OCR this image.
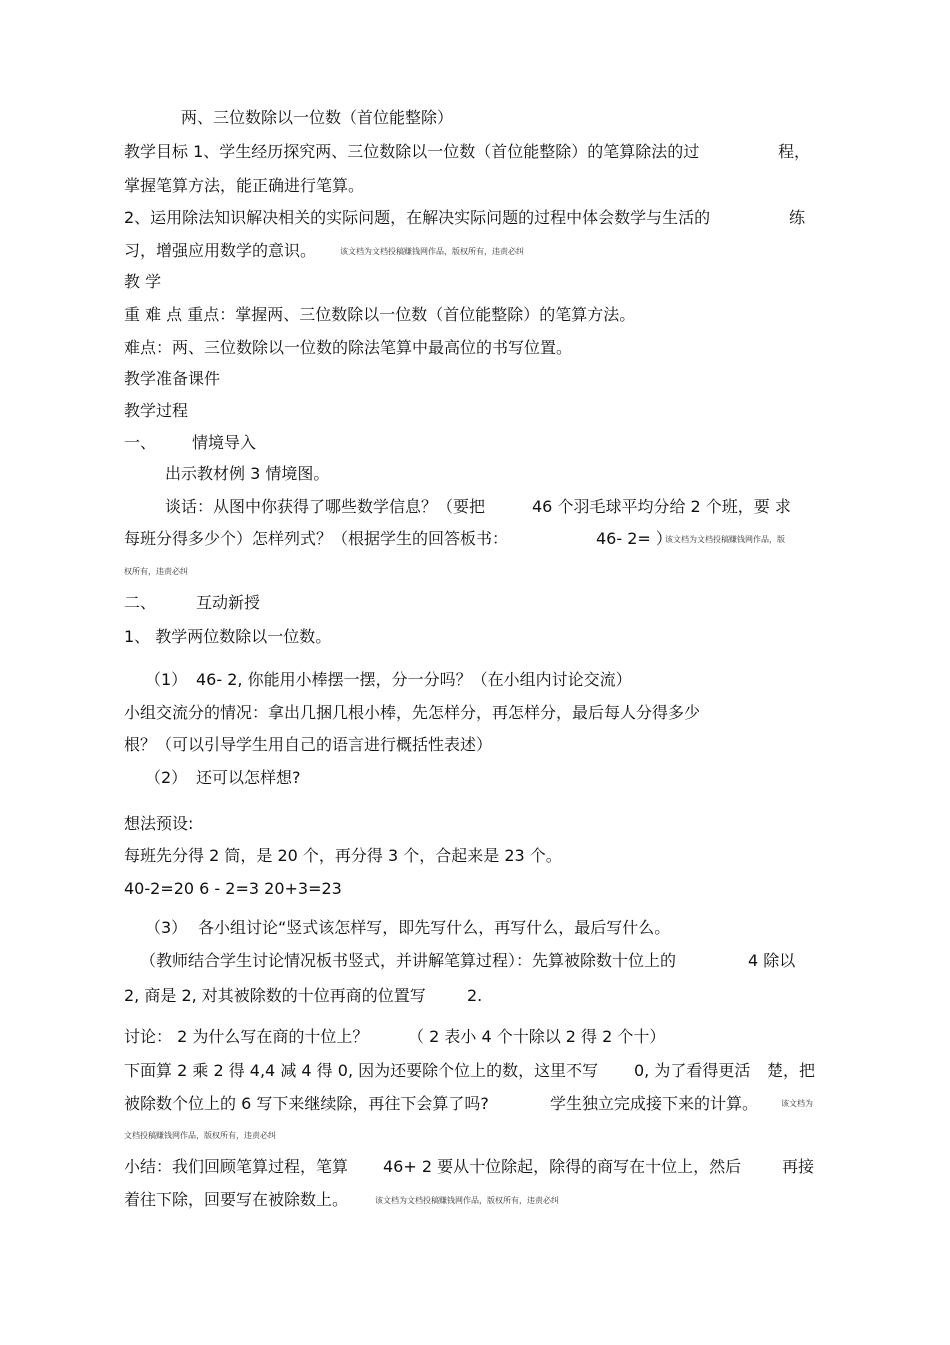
两、三位数除以一位数（首位能整除）
教学目标 1、学生经历探究两、三位数除以一位数（首位能整除）的笔算除法的过	程，
掌握笔算方法，能正确进行笔算。
2、运用除法知识解决相关的实际问题，在解决实际问题的过程中体会数学与生活的	练
习，增强应用数学的意识。	该文档为文档投稿赚钱网作品，版权所有，违责必纠
教 学
重 难 点 重点：掌握两、三位数除以一位数（首位能整除）的笔算方法。
难点：两、三位数除以一位数的除法笔算中最高位的书写位置。
教学准备课件
教学过程
一、 情境导入
出示教材例 3 情境图。
谈话：从图中你获得了哪些数学信息？（要把	46 个羽毛球平均分给 2 个班，要 求
每班分得多少个）怎样列式？（根据学生的回答板书：	46- 2= ）
该文档为文档投稿赚钱网作品，版
权所有，违责必纠
二、 互动新授
1、 教学两位数除以一位数。
（1） 46- 2, 你能用小棒摆一摆，分一分吗？（在小组内讨论交流）
小组交流分的情况：拿出几捆几根小棒，先怎样分，再怎样分，最后每人分得多少
根？（可以引导学生用自己的语言进行概括性表述）
（2） 还可以怎样想?
想法预设:
每班先分得 2 筒，是 20 个，再分得 3 个，合起来是 23 个。
40-2=20 6 - 2=3 20+3=23
（3） 各小组讨论“竖式该怎样写，即先写什么，再写什么，最后写什么。
（教师结合学生讨论情况板书竖式，并讲解笔算过程）：先算被除数十位上的	4 除以
2, 商是 2, 对其被除数的十位再商的位置写	2.
讨论： 2 为什么写在商的十位上？ （ 2 表小 4 个十除以 2 得 2 个十）
下面算 2 乘 2 得 4,4 减 4 得 0, 因为还要除个位上的数，这里不写 0, 为了看得更活 楚，把
被除数个位上的 6 写下来继续除，再往下会算了吗?	学生独立完成接下来的计算。	该文档为
文档投稿赚钱网作品，版权所有，违责必纠
小结：我们回顾笔算过程，笔算 46+ 2 要从十位除起，除得的商写在十位上，然后	再接
着往下除，回要写在被除数上。	该文档为文档投稿赚钱网作品，版权所有，违责必纠
